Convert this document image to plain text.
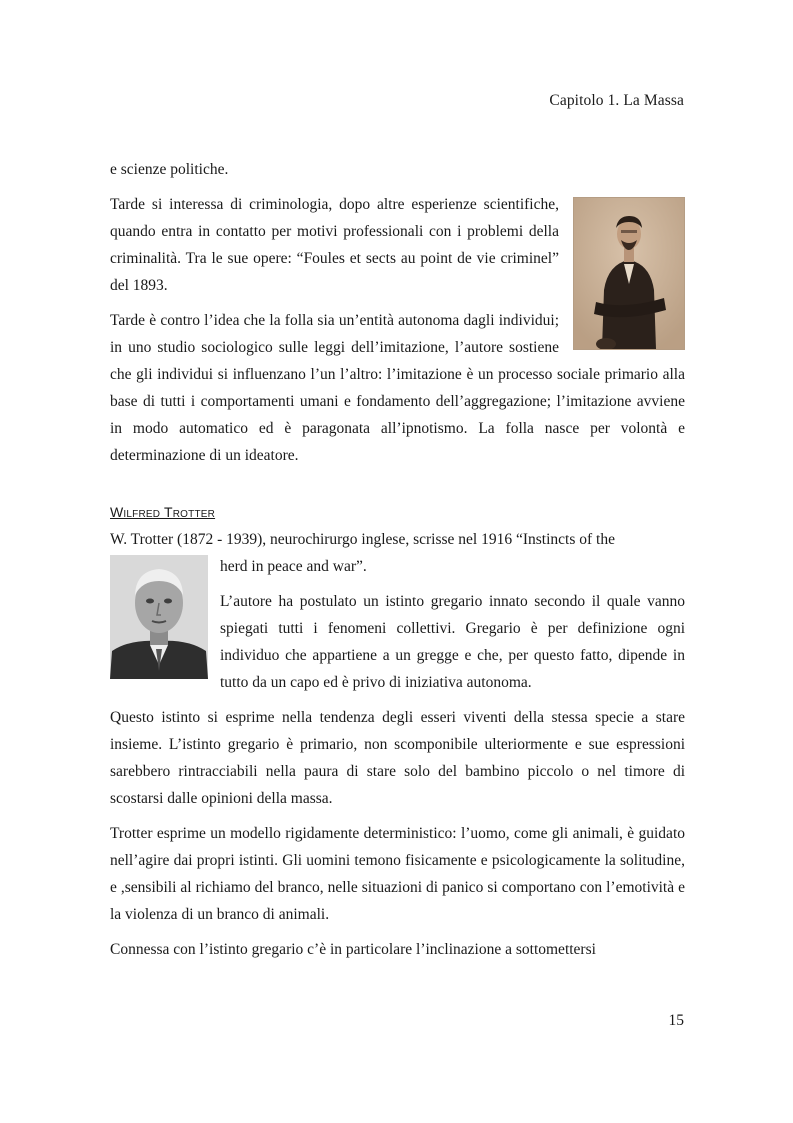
Capitolo 1. La Massa

e scienze politiche.

Tarde si interessa di criminologia, dopo altre esperienze scientifiche, quando entra in contatto per motivi professionali con i problemi della criminalità. Tra le sue opere: “Foules et sects au point de vie criminel” del 1893.

Tarde è contro l’idea che la folla sia un’entità autonoma dagli individui; in uno studio sociologico sulle leggi dell’imitazione, l’autore sostiene che gli individui si influenzano l’un l’altro: l’imitazione è un processo sociale primario alla base di tutti i comportamenti umani e fondamento dell’aggregazione; l’imitazione avviene in modo automatico ed è paragonata all’ipnotismo. La folla nasce per volontà e determinazione di un ideatore.

Wilfred Trotter

W. Trotter (1872 - 1939), neurochirurgo inglese, scrisse nel 1916 “Instincts of the

herd in peace and war”.

L’autore ha postulato un istinto gregario innato secondo il quale vanno spiegati tutti i fenomeni collettivi. Gregario è per definizione ogni individuo che appartiene a un gregge e che, per questo fatto, dipende in tutto da un capo ed è privo di iniziativa autonoma.

Questo istinto si esprime nella tendenza degli esseri viventi della stessa specie a stare insieme. L’istinto gregario è primario, non scomponibile ulteriormente e sue espressioni sarebbero rintracciabili nella paura di stare solo del bambino piccolo o nel timore di scostarsi dalle opinioni della massa.

Trotter esprime un modello rigidamente deterministico: l’uomo, come gli animali, è guidato nell’agire dai propri istinti. Gli uomini temono fisicamente e psicologicamente la solitudine, e ,sensibili al richiamo del branco, nelle situazioni di panico si comportano con l’emotività e la violenza di un branco di animali.

Connessa con l’istinto gregario c’è in particolare l’inclinazione a sottomettersi

15
